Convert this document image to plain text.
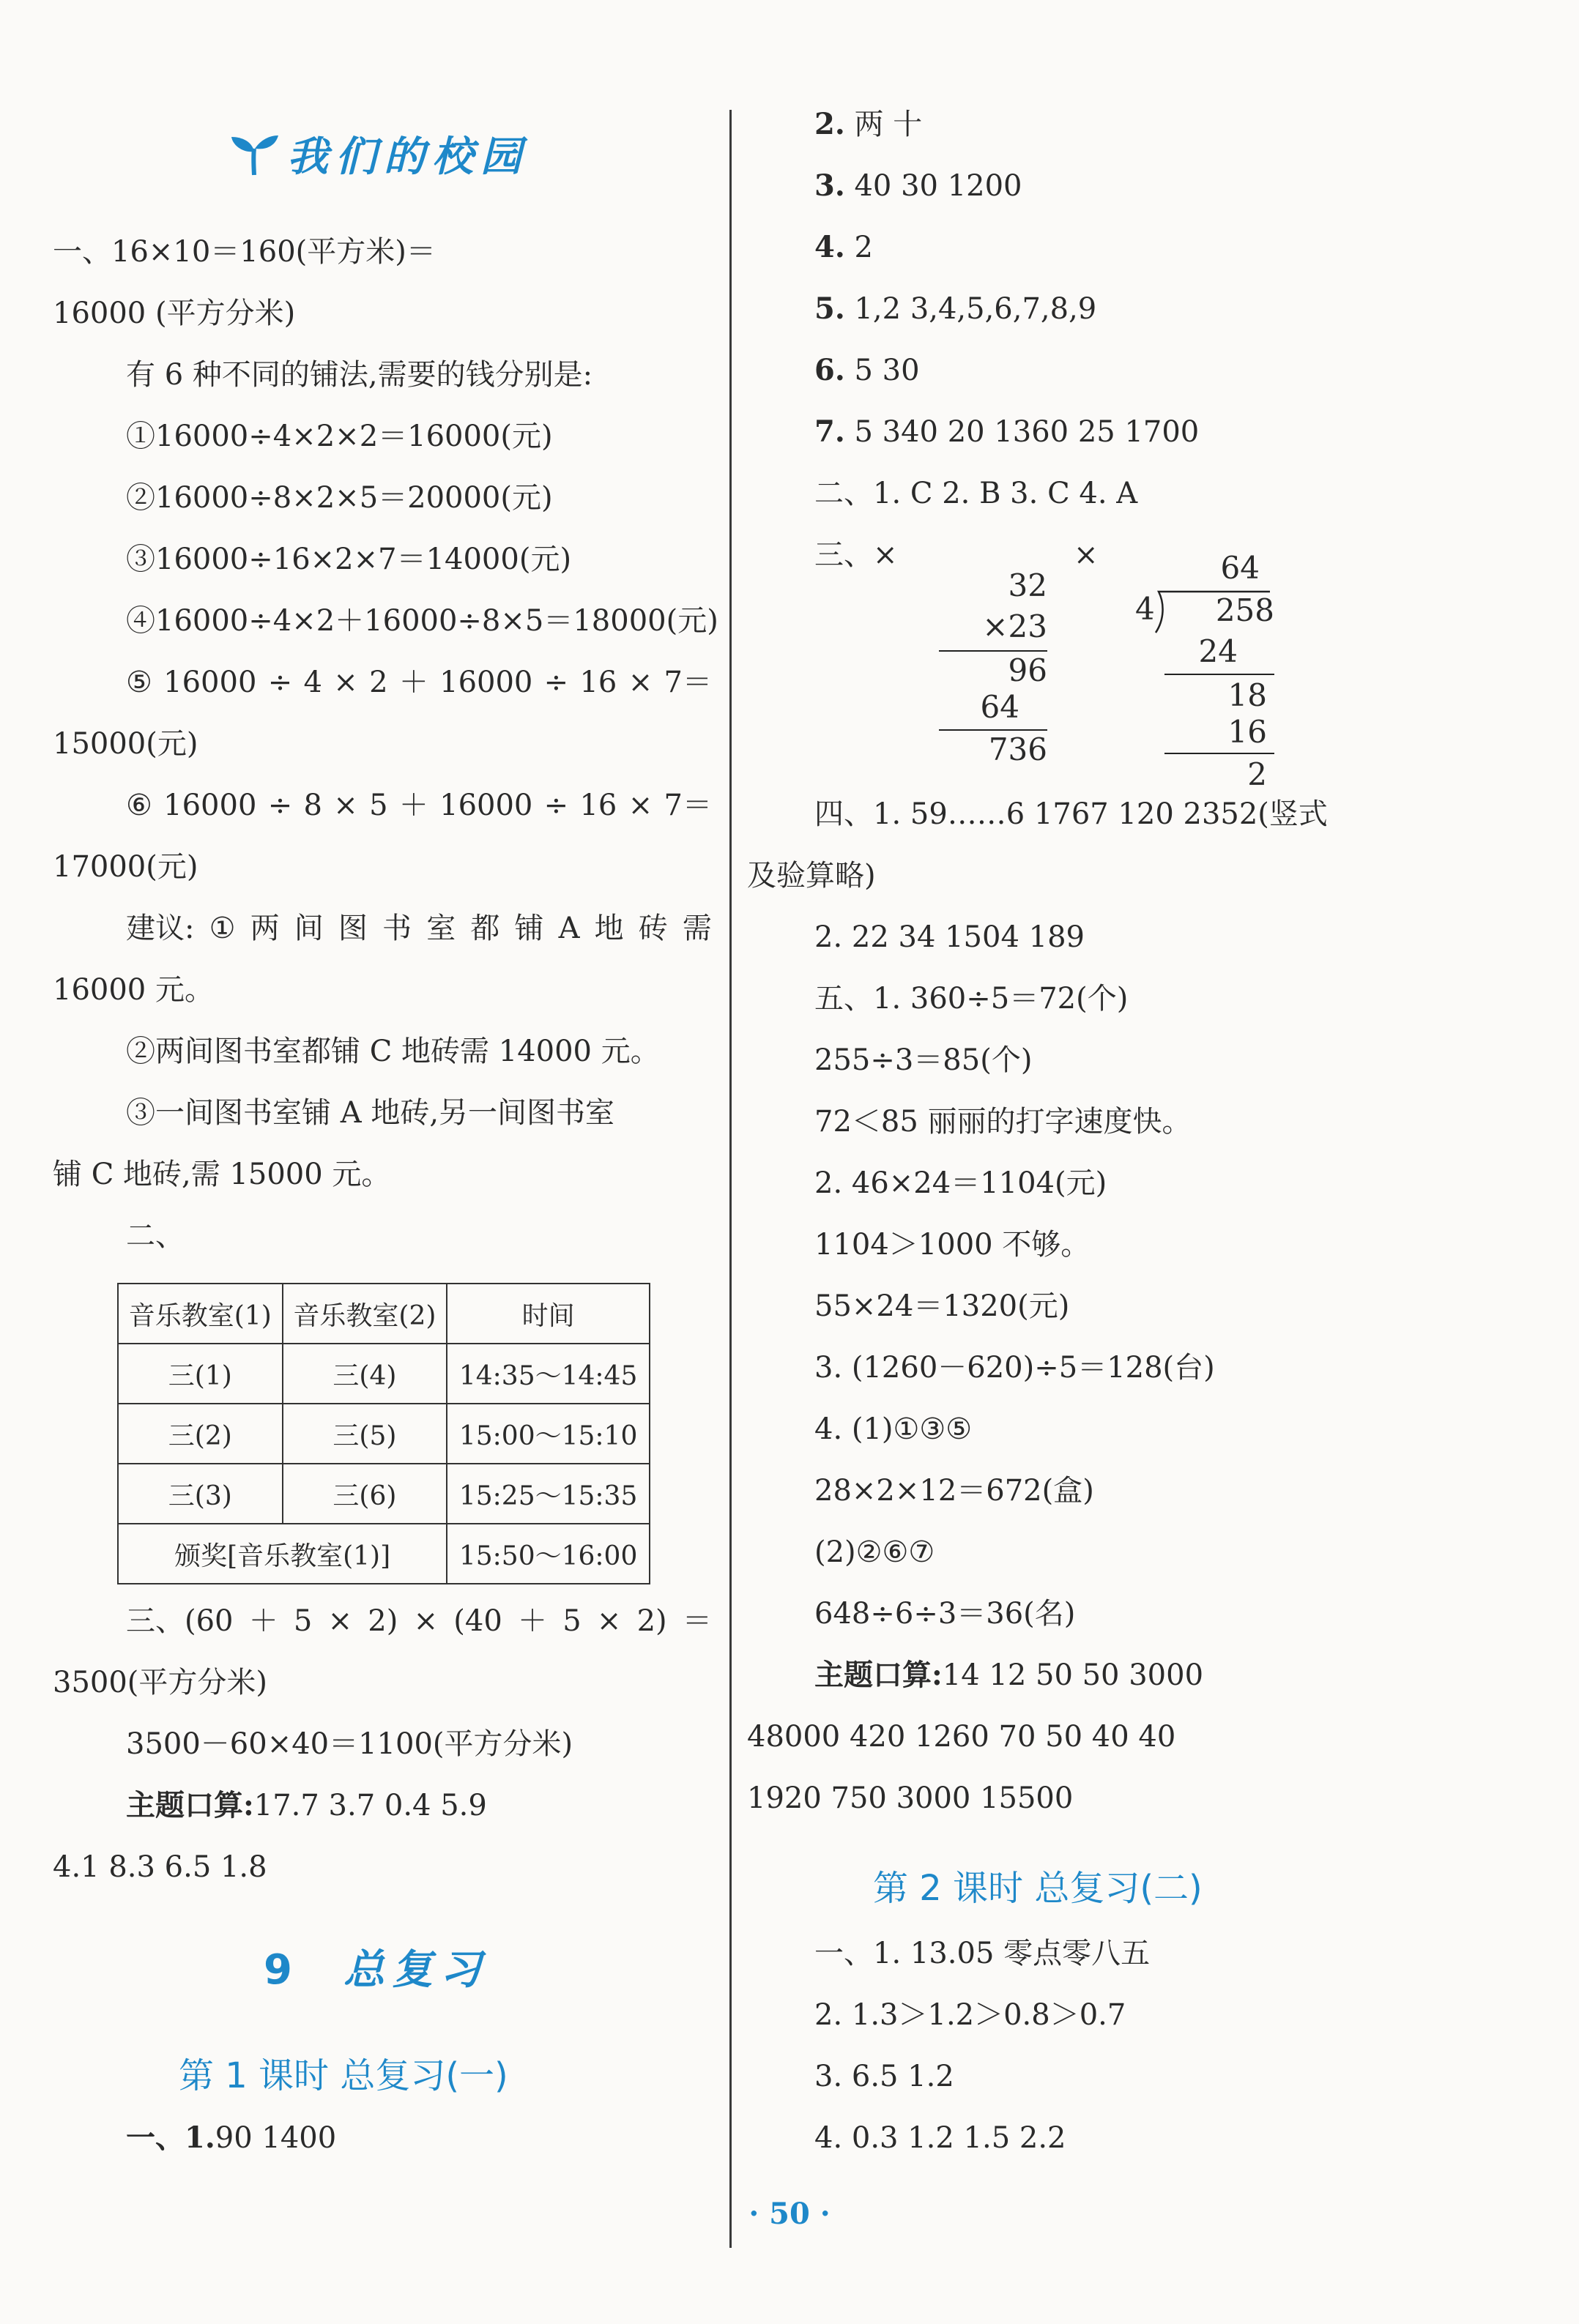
我们的校园
一、16×10＝160(平方米)＝
16000 (平方分米)
有 6 种不同的铺法,需要的钱分别是:
①16000÷4×2×2＝16000(元)
②16000÷8×2×5＝20000(元)
③16000÷16×2×7＝14000(元)
④16000÷4×2＋16000÷8×5＝18000(元)
⑤ 16000 ÷ 4 × 2 ＋ 16000 ÷ 16 × 7＝
15000(元)
⑥ 16000 ÷ 8 × 5 ＋ 16000 ÷ 16 × 7＝
17000(元)
建议: ① 两 间 图 书 室 都 铺 A 地 砖 需
16000 元。
②两间图书室都铺 C 地砖需 14000 元。
③一间图书室铺 A 地砖,另一间图书室
铺 C 地砖,需 15000 元。
二、
音乐教室(1)	音乐教室(2)	时间
三(1)	三(4)	14:35～14:45
三(2)	三(5)	15:00～15:10
三(3)	三(6)	15:25～15:35
颁奖[音乐教室(1)]		15:50～16:00
三、(60 ＋ 5 × 2) × (40 ＋ 5 × 2) ＝
3500(平方分米)
3500－60×40＝1100(平方分米)
主题口算:17.7 3.7 0.4 5.9
4.1 8.3 6.5 1.8
9 总复习
第 1 课时 总复习(一)
一、1.90 1400
2. 两 十
3. 40 30 1200
4. 2
5. 1,2 3,4,5,6,7,8,9
6. 5 30
7. 5 340 20 1360 25 1700
二、1. C 2. B 3. C 4. A
三、×	×
32
×23
96
64
736
64
4	258
24
18
16
2
四、1. 59……6 1767 120 2352(竖式
及验算略)
2. 22 34 1504 189
五、1. 360÷5＝72(个)
255÷3＝85(个)
72＜85 丽丽的打字速度快。
2. 46×24＝1104(元)
1104＞1000 不够。
55×24＝1320(元)
3. (1260－620)÷5＝128(台)
4. (1)①③⑤
28×2×12＝672(盒)
(2)②⑥⑦
648÷6÷3＝36(名)
主题口算:14 12 50 50 3000
48000 420 1260 70 50 40 40
1920 750 3000 15500
第 2 课时 总复习(二)
一、1. 13.05 零点零八五
2. 1.3＞1.2＞0.8＞0.7
3. 6.5 1.2
4. 0.3 1.2 1.5 2.2
· 50 ·
